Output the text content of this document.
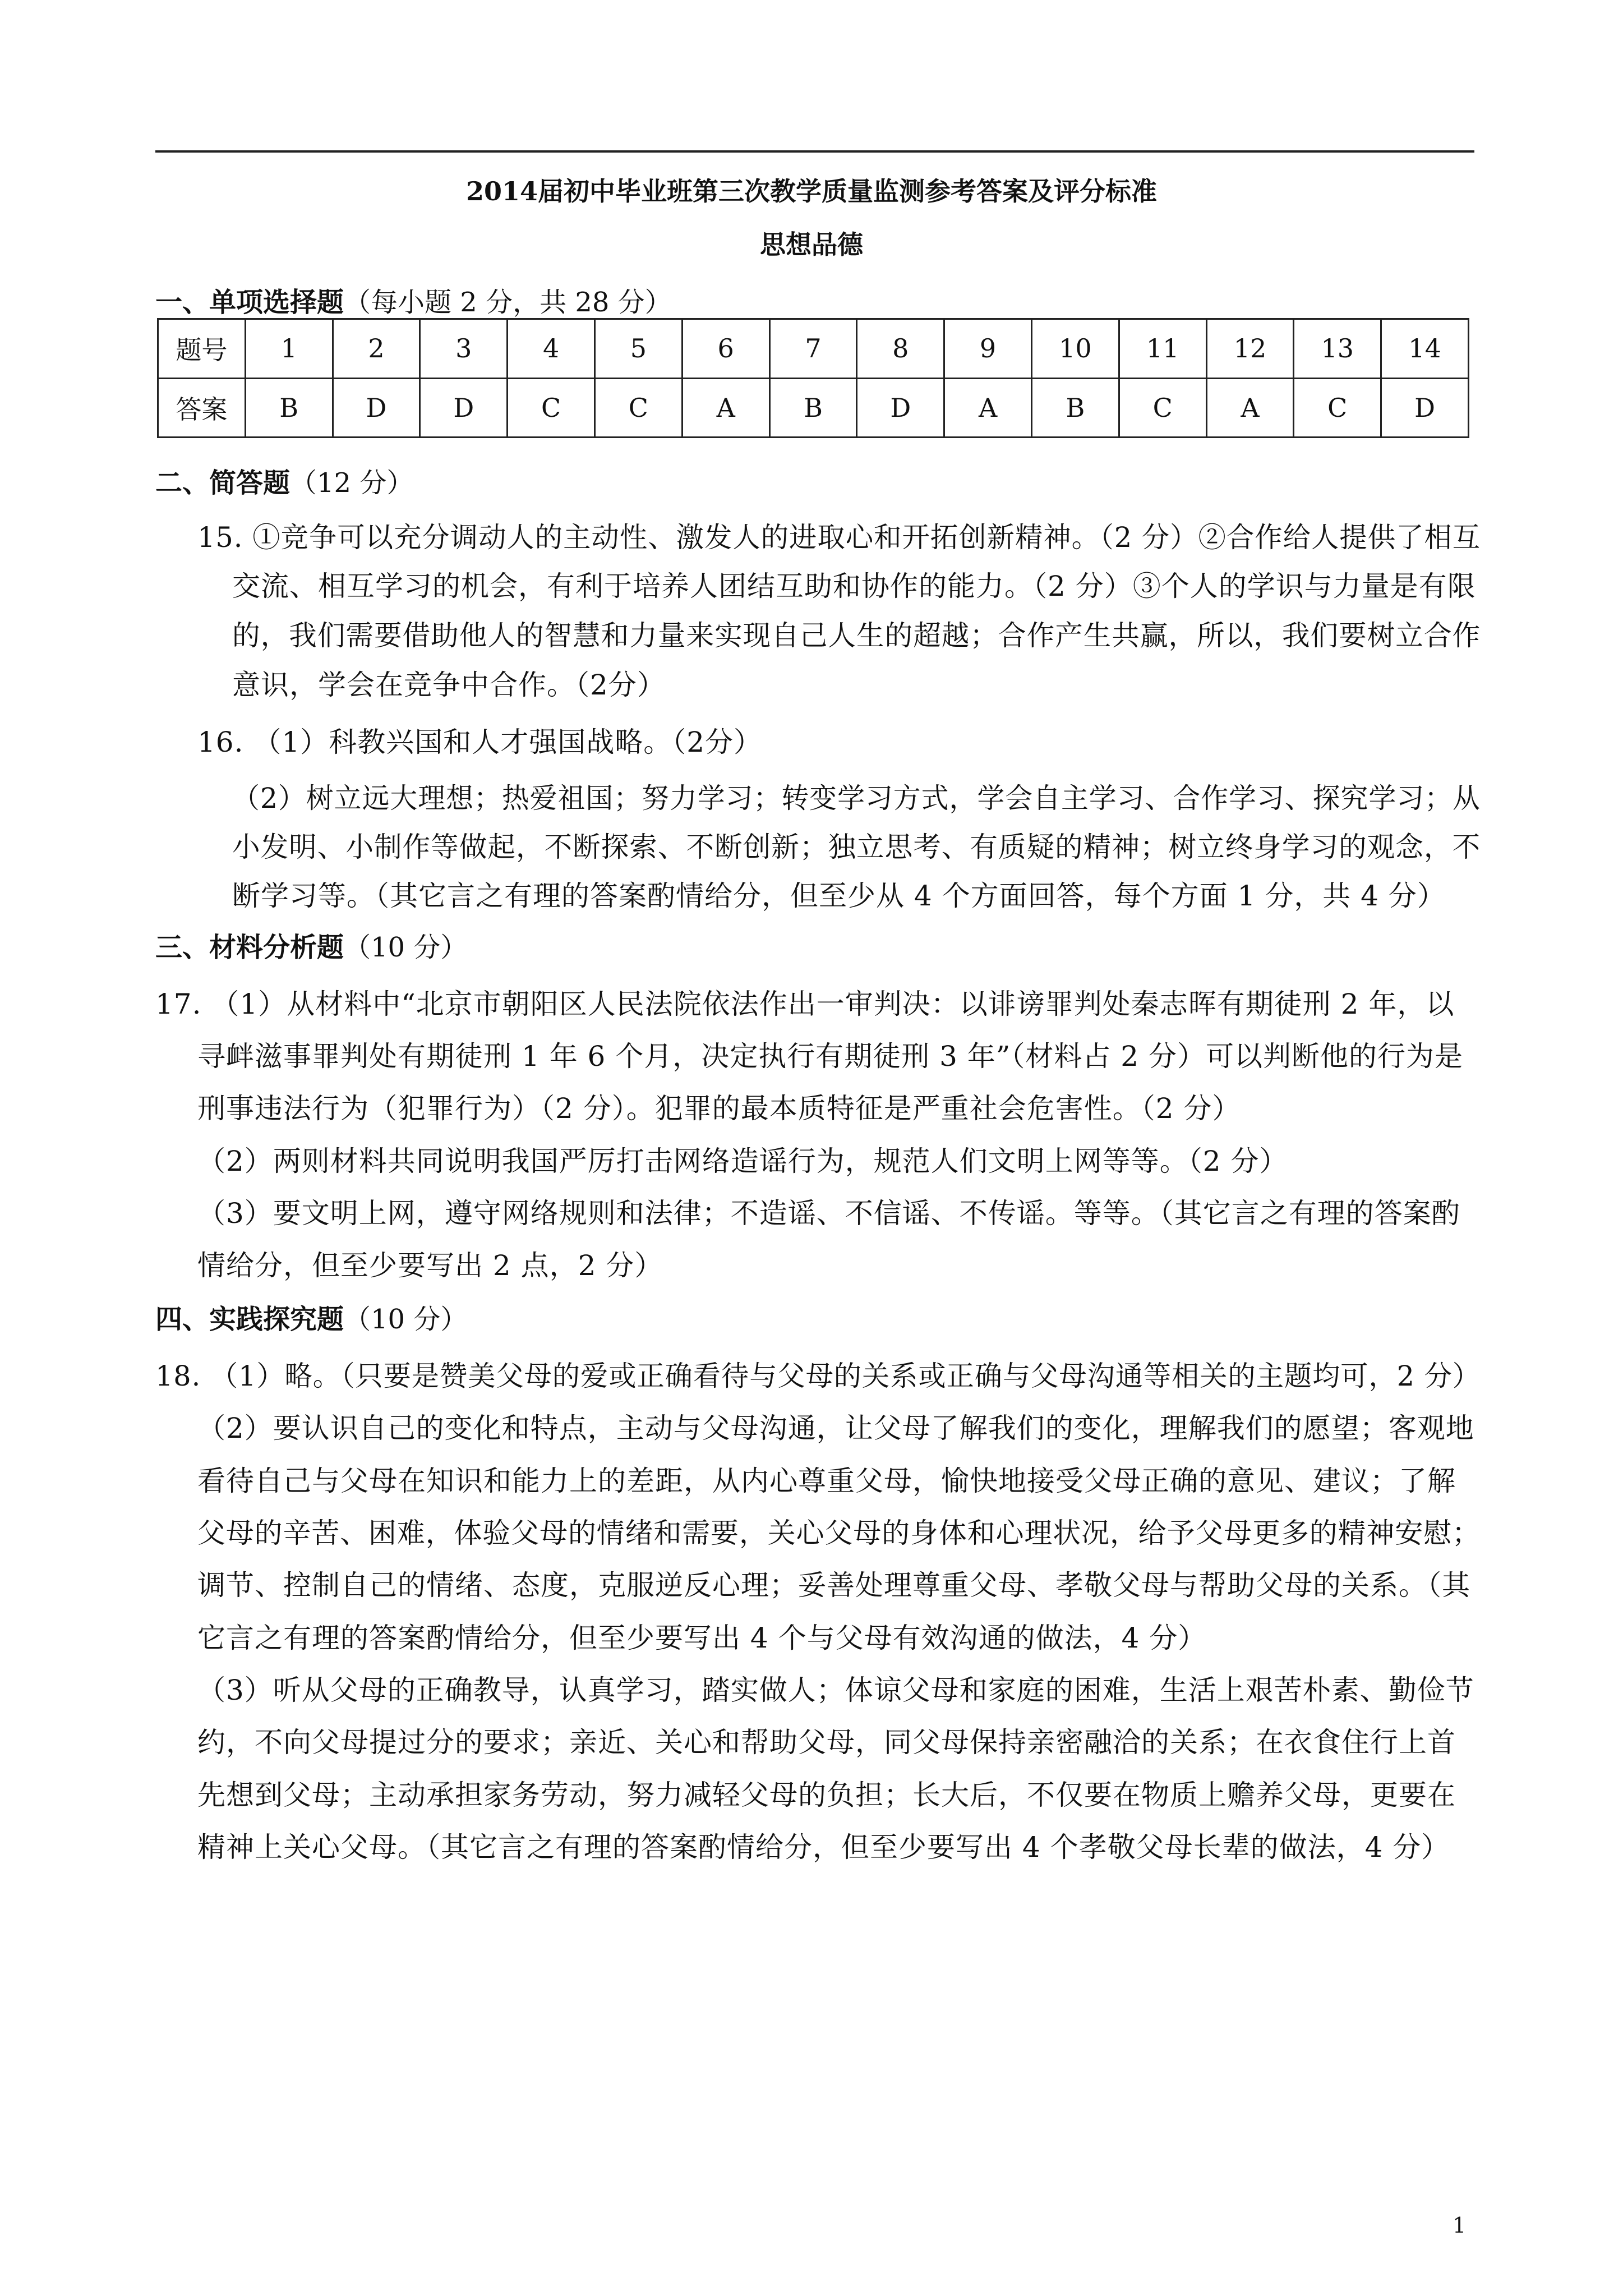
2014届初中毕业班第三次教学质量监测参考答案及评分标准
思想品德
一、单项选择题（每小题 2 分，共 28 分）
题号	1	2	3	4	5	6	7	8	9	10	11	12	13	14
答案	B	D	D	C	C	A	B	D	A	B	C	A	C	D
二、简答题（12 分）
15. ①竞争可以充分调动人的主动性、激发人的进取心和开拓创新精神。（2 分）②合作给人提供了相互
交流、相互学习的机会，有利于培养人团结互助和协作的能力。（2 分）③个人的学识与力量是有限
的，我们需要借助他人的智慧和力量来实现自己人生的超越；合作产生共赢，所以，我们要树立合作
意识，学会在竞争中合作。（2分）
16. （1）科教兴国和人才强国战略。（2分）
（2）树立远大理想；热爱祖国；努力学习；转变学习方式，学会自主学习、合作学习、探究学习；从
小发明、小制作等做起，不断探索、不断创新；独立思考、有质疑的精神；树立终身学习的观念，不
断学习等。（其它言之有理的答案酌情给分，但至少从 4 个方面回答，每个方面 1 分，共 4 分）
三、材料分析题（10 分）
17. （1）从材料中“北京市朝阳区人民法院依法作出一审判决：以诽谤罪判处秦志晖有期徒刑 2 年，以
寻衅滋事罪判处有期徒刑 1 年 6 个月，决定执行有期徒刑 3 年”（材料占 2 分）可以判断他的行为是
刑事违法行为（犯罪行为）（2 分）。犯罪的最本质特征是严重社会危害性。（2 分）
（2）两则材料共同说明我国严厉打击网络造谣行为，规范人们文明上网等等。（2 分）
（3）要文明上网，遵守网络规则和法律；不造谣、不信谣、不传谣。等等。（其它言之有理的答案酌
情给分，但至少要写出 2 点，2 分）
四、实践探究题（10 分）
18. （1）略。（只要是赞美父母的爱或正确看待与父母的关系或正确与父母沟通等相关的主题均可，2 分）
（2）要认识自己的变化和特点，主动与父母沟通，让父母了解我们的变化，理解我们的愿望；客观地
看待自己与父母在知识和能力上的差距，从内心尊重父母，愉快地接受父母正确的意见、建议；了解
父母的辛苦、困难，体验父母的情绪和需要，关心父母的身体和心理状况，给予父母更多的精神安慰；
调节、控制自己的情绪、态度，克服逆反心理；妥善处理尊重父母、孝敬父母与帮助父母的关系。（其
它言之有理的答案酌情给分，但至少要写出 4 个与父母有效沟通的做法，4 分）
（3）听从父母的正确教导，认真学习，踏实做人；体谅父母和家庭的困难，生活上艰苦朴素、勤俭节
约，不向父母提过分的要求；亲近、关心和帮助父母，同父母保持亲密融洽的关系；在衣食住行上首
先想到父母；主动承担家务劳动，努力减轻父母的负担；长大后，不仅要在物质上赡养父母，更要在
精神上关心父母。（其它言之有理的答案酌情给分，但至少要写出 4 个孝敬父母长辈的做法，4 分）
1
